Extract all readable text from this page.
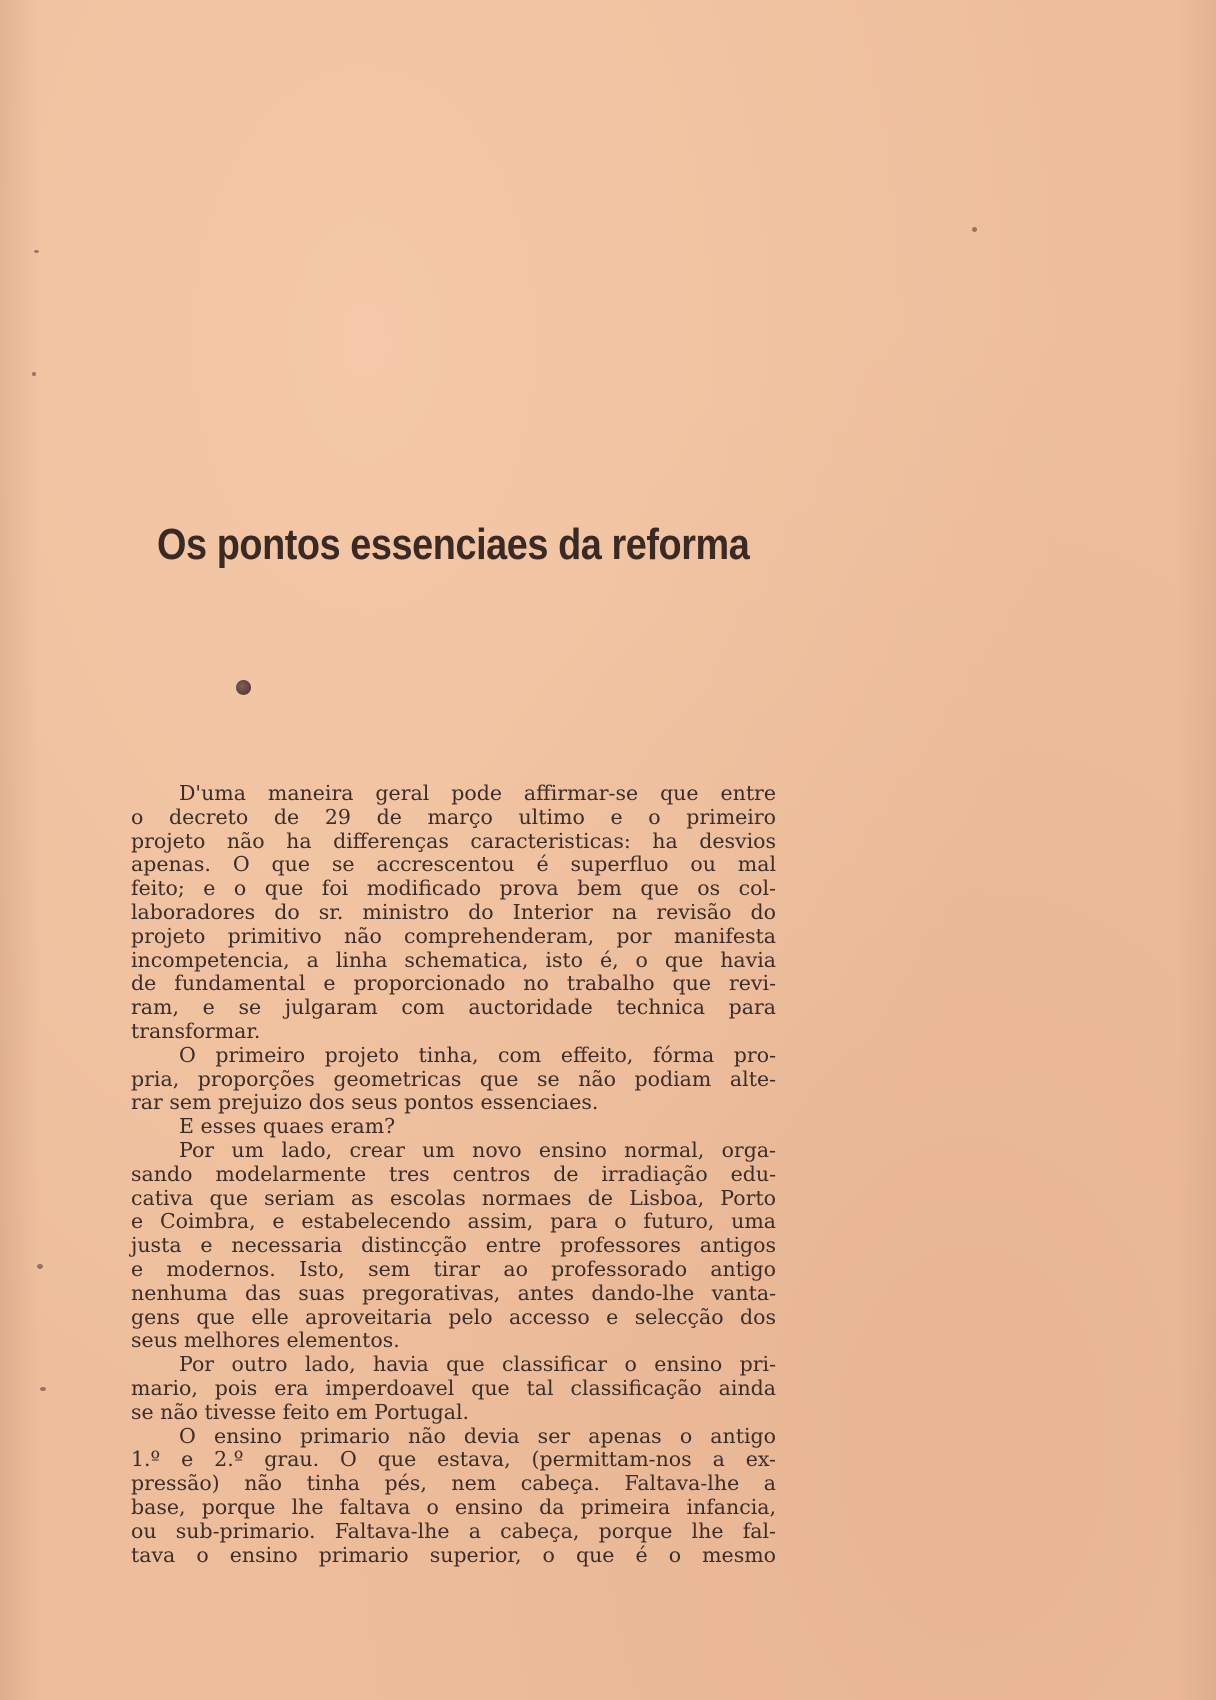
Os pontos essenciaes da reforma
D'uma maneira geral pode affirmar-se que entre
o decreto de 29 de março ultimo e o primeiro
projeto não ha differenças caracteristicas: ha desvios
apenas. O que se accrescentou é superfluo ou mal
feito; e o que foi modificado prova bem que os col-
laboradores do sr. ministro do Interior na revisão do
projeto primitivo não comprehenderam, por manifesta
incompetencia, a linha schematica, isto é, o que havia
de fundamental e proporcionado no trabalho que revi-
ram, e se julgaram com auctoridade technica para
transformar.
O primeiro projeto tinha, com effeito, fórma pro-
pria, proporções geometricas que se não podiam alte-
rar sem prejuizo dos seus pontos essenciaes.
E esses quaes eram?
Por um lado, crear um novo ensino normal, orga-
sando modelarmente tres centros de irradiação edu-
cativa que seriam as escolas normaes de Lisboa, Porto
e Coimbra, e estabelecendo assim, para o futuro, uma
justa e necessaria distincção entre professores antigos
e modernos. Isto, sem tirar ao professorado antigo
nenhuma das suas pregorativas, antes dando-lhe vanta-
gens que elle aproveitaria pelo accesso e selecção dos
seus melhores elementos.
Por outro lado, havia que classificar o ensino pri-
mario, pois era imperdoavel que tal classificação ainda
se não tivesse feito em Portugal.
O ensino primario não devia ser apenas o antigo
1.º e 2.º grau. O que estava, (permittam-nos a ex-
pressão) não tinha pés, nem cabeça. Faltava-lhe a
base, porque lhe faltava o ensino da primeira infancia,
ou sub-primario. Faltava-lhe a cabeça, porque lhe fal-
tava o ensino primario superior, o que é o mesmo
